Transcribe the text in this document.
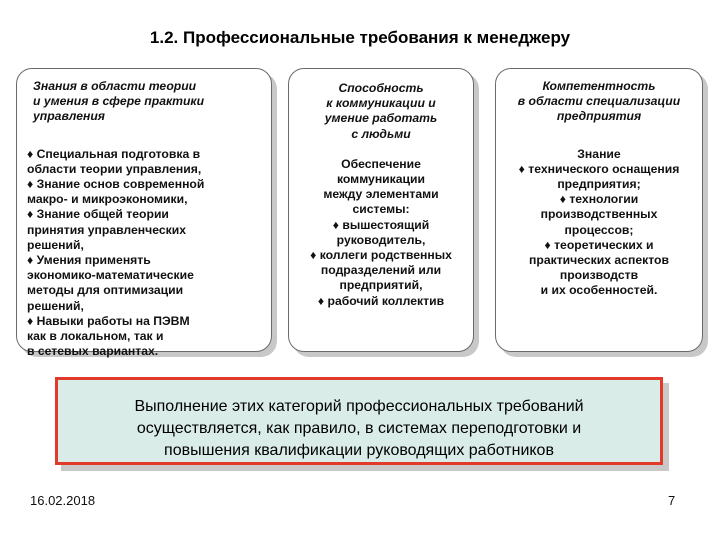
1.2. Профессиональные требования к менеджеру
Знания в области теории
и умения в сфере практики
управления
♦ Специальная подготовка в
области теории управления,
♦ Знание основ современной
макро- и микроэкономики,
♦ Знание общей теории
принятия управленческих
решений,
♦ Умения применять
экономико-математические
методы для оптимизации
решений,
♦ Навыки работы на ПЭВМ
как в локальном, так и
в сетевых вариантах.
Способность
к коммуникации и
умение работать
с людьми
Обеспечение
коммуникации
между элементами
системы:
♦ вышестоящий
руководитель,
♦ коллеги родственных
подразделений или
предприятий,
♦ рабочий коллектив
Компетентность
в области специализации
предприятия
Знание
♦ технического оснащения
предприятия;
♦ технологии
производственных
процессов;
♦ теоретических и
практических аспектов
производств
и их особенностей.
Выполнение этих категорий профессиональных требований
осуществляется, как правило, в системах переподготовки и
повышения квалификации руководящих работников
16.02.2018	7
